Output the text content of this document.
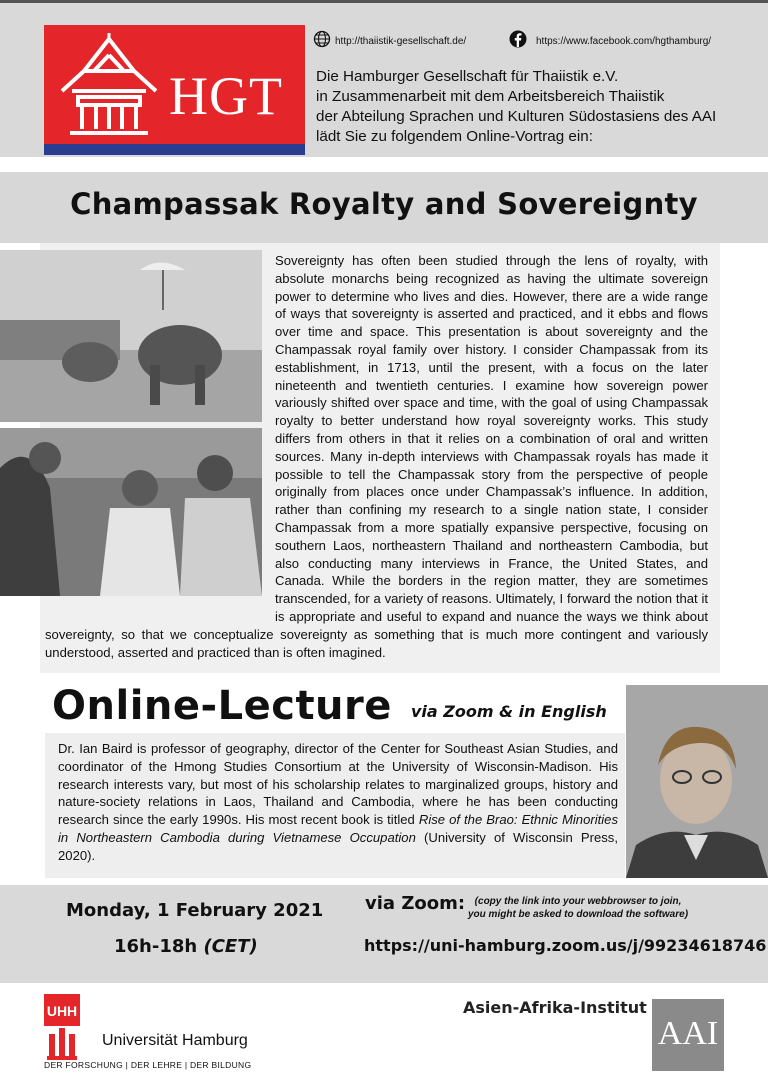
HGT
http://thaiistik-gesellschaft.de/	https://www.facebook.com/hgthamburg/
Die Hamburger Gesellschaft für Thaiistik e.V.
in Zusammenarbeit mit dem Arbeitsbereich Thaiistik
der Abteilung Sprachen und Kulturen Südostasiens des AAI
lädt Sie zu folgendem Online-Vortrag ein:
Champassak Royalty and Sovereignty
Sovereignty has often been studied through the lens of royalty, with absolute monarchs being recognized as having the ultimate sovereign power to determine who lives and dies. However, there are a wide range of ways that sovereignty is asserted and practiced, and it ebbs and flows over time and space. This presentation is about sovereignty and the Champassak royal family over history. I consider Champassak from its establishment, in 1713, until the present, with a focus on the later nineteenth and twentieth centuries. I examine how sovereign power variously shifted over space and time, with the goal of using Champassak royalty to better understand how royal sovereignty works. This study differs from others in that it relies on a combination of oral and written sources. Many in-depth interviews with Champassak royals has made it possible to tell the Champassak story from the perspective of people originally from places once under Champassak’s influence. In addition, rather than confining my research to a single nation state, I consider Champassak from a more spatially expansive perspective, focusing on southern Laos, northeastern Thailand and northeastern Cambodia, but also conducting many interviews in France, the United States, and Canada. While the borders in the region matter, they are sometimes transcended, for a variety of reasons. Ultimately, I forward the notion that it is appropriate and useful to expand and nuance the ways we think about sovereignty, so that we conceptualize sovereignty as something that is much more contingent and variously understood, asserted and practiced than is often imagined.
Online-Lecture via Zoom & in English
Dr. Ian Baird is professor of geography, director of the Center for Southeast Asian Studies, and coordinator of the Hmong Studies Consortium at the University of Wisconsin-Madison. His research interests vary, but most of his scholarship relates to marginalized groups, history and nature-society relations in Laos, Thailand and Cambodia, where he has been conducting research since the early 1990s. His most recent book is titled Rise of the Brao: Ethnic Minorities in Northeastern Cambodia during Vietnamese Occupation (University of Wisconsin Press, 2020).
Monday, 1 February 2021
16h-18h (CET)
via Zoom: (copy the link into your webbrowser to join,
you might be asked to download the software)
https://uni-hamburg.zoom.us/j/99234618746
UHH
Universität Hamburg
DER FORSCHUNG | DER LEHRE | DER BILDUNG
Asien-Afrika-Institut
AAI
